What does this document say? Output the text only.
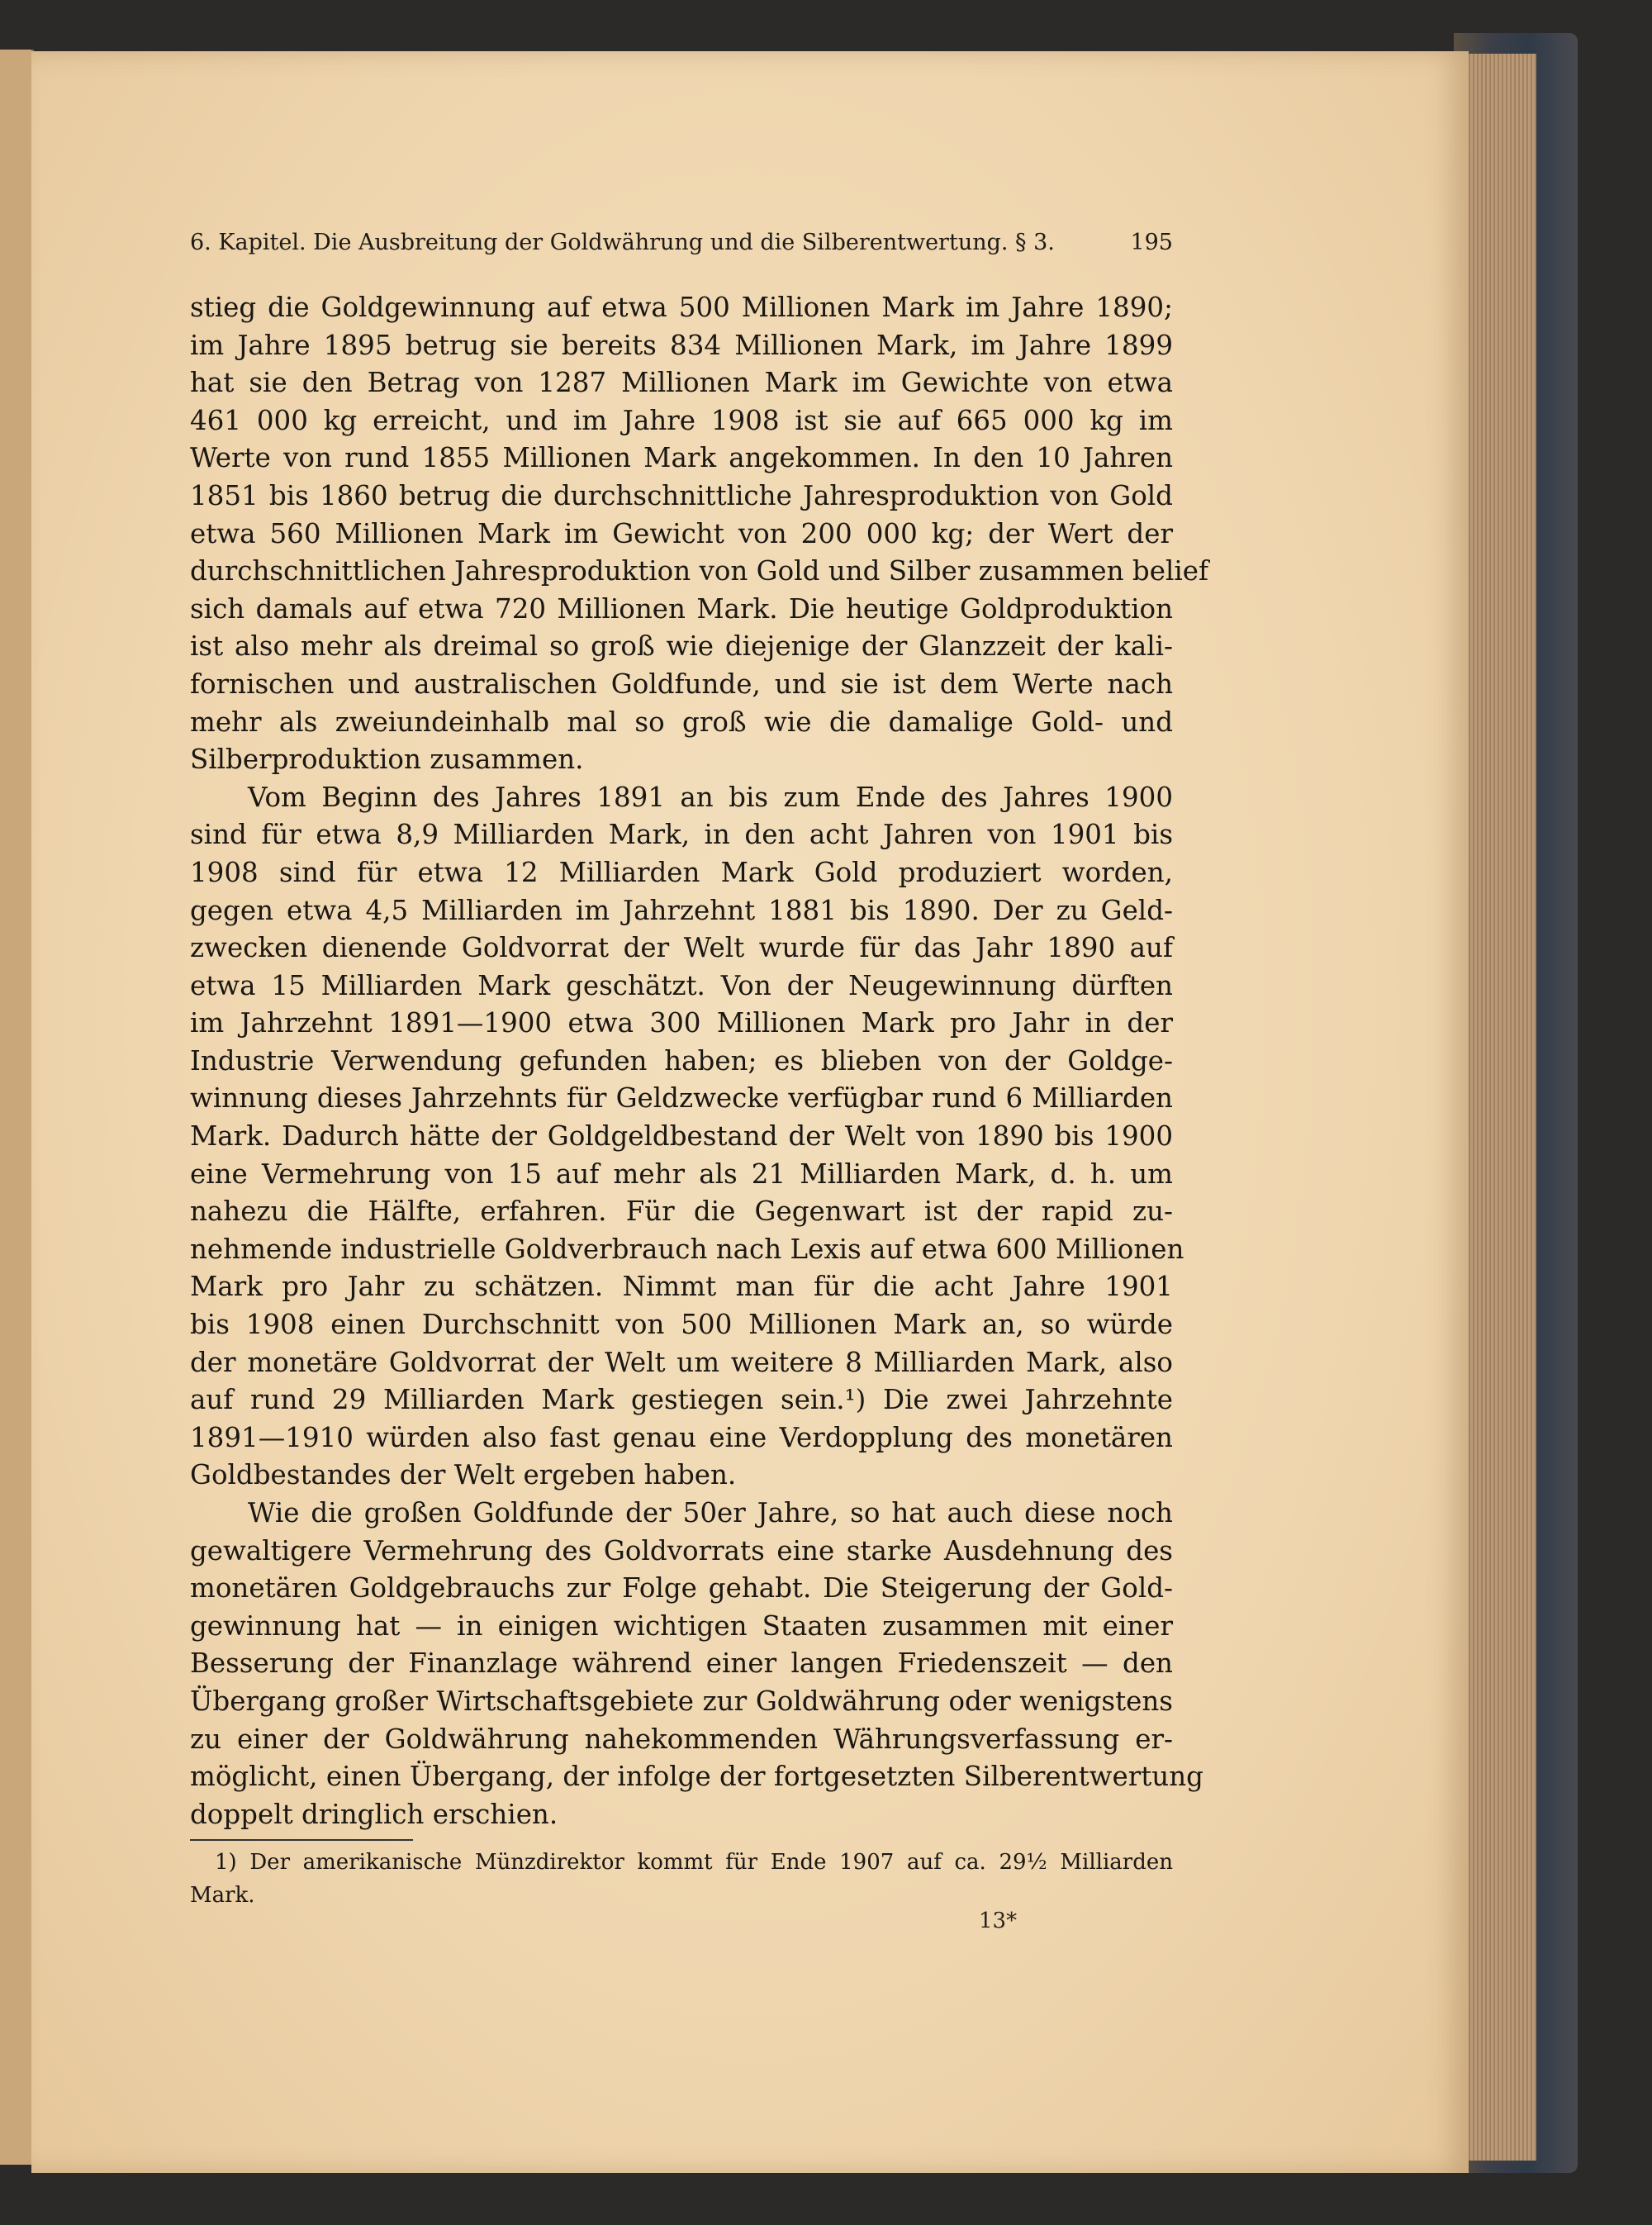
6. Kapitel. Die Ausbreitung der Goldwährung und die Silberentwertung. § 3.	195
stieg die Goldgewinnung auf etwa 500 Millionen Mark im Jahre 1890;
im Jahre 1895 betrug sie bereits 834 Millionen Mark, im Jahre 1899
hat sie den Betrag von 1287 Millionen Mark im Gewichte von etwa
461 000 kg erreicht, und im Jahre 1908 ist sie auf 665 000 kg im
Werte von rund 1855 Millionen Mark angekommen. In den 10 Jahren
1851 bis 1860 betrug die durchschnittliche Jahresproduktion von Gold
etwa 560 Millionen Mark im Gewicht von 200 000 kg; der Wert der
durchschnittlichen Jahresproduktion von Gold und Silber zusammen belief
sich damals auf etwa 720 Millionen Mark. Die heutige Goldproduktion
ist also mehr als dreimal so groß wie diejenige der Glanzzeit der kali-
fornischen und australischen Goldfunde, und sie ist dem Werte nach
mehr als zweiundeinhalb mal so groß wie die damalige Gold- und
Silberproduktion zusammen.
Vom Beginn des Jahres 1891 an bis zum Ende des Jahres 1900
sind für etwa 8,9 Milliarden Mark, in den acht Jahren von 1901 bis
1908 sind für etwa 12 Milliarden Mark Gold produziert worden,
gegen etwa 4,5 Milliarden im Jahrzehnt 1881 bis 1890. Der zu Geld-
zwecken dienende Goldvorrat der Welt wurde für das Jahr 1890 auf
etwa 15 Milliarden Mark geschätzt. Von der Neugewinnung dürften
im Jahrzehnt 1891—1900 etwa 300 Millionen Mark pro Jahr in der
Industrie Verwendung gefunden haben; es blieben von der Goldge-
winnung dieses Jahrzehnts für Geldzwecke verfügbar rund 6 Milliarden
Mark. Dadurch hätte der Goldgeldbestand der Welt von 1890 bis 1900
eine Vermehrung von 15 auf mehr als 21 Milliarden Mark, d. h. um
nahezu die Hälfte, erfahren. Für die Gegenwart ist der rapid zu-
nehmende industrielle Goldverbrauch nach Lexis auf etwa 600 Millionen
Mark pro Jahr zu schätzen. Nimmt man für die acht Jahre 1901
bis 1908 einen Durchschnitt von 500 Millionen Mark an, so würde
der monetäre Goldvorrat der Welt um weitere 8 Milliarden Mark, also
auf rund 29 Milliarden Mark gestiegen sein.¹) Die zwei Jahrzehnte
1891—1910 würden also fast genau eine Verdopplung des monetären
Goldbestandes der Welt ergeben haben.
Wie die großen Goldfunde der 50er Jahre, so hat auch diese noch
gewaltigere Vermehrung des Goldvorrats eine starke Ausdehnung des
monetären Goldgebrauchs zur Folge gehabt. Die Steigerung der Gold-
gewinnung hat — in einigen wichtigen Staaten zusammen mit einer
Besserung der Finanzlage während einer langen Friedenszeit — den
Übergang großer Wirtschaftsgebiete zur Goldwährung oder wenigstens
zu einer der Goldwährung nahekommenden Währungsverfassung er-
möglicht, einen Übergang, der infolge der fortgesetzten Silberentwertung
doppelt dringlich erschien.
1) Der amerikanische Münzdirektor kommt für Ende 1907 auf ca. 29½ Milliarden
Mark.
13*
